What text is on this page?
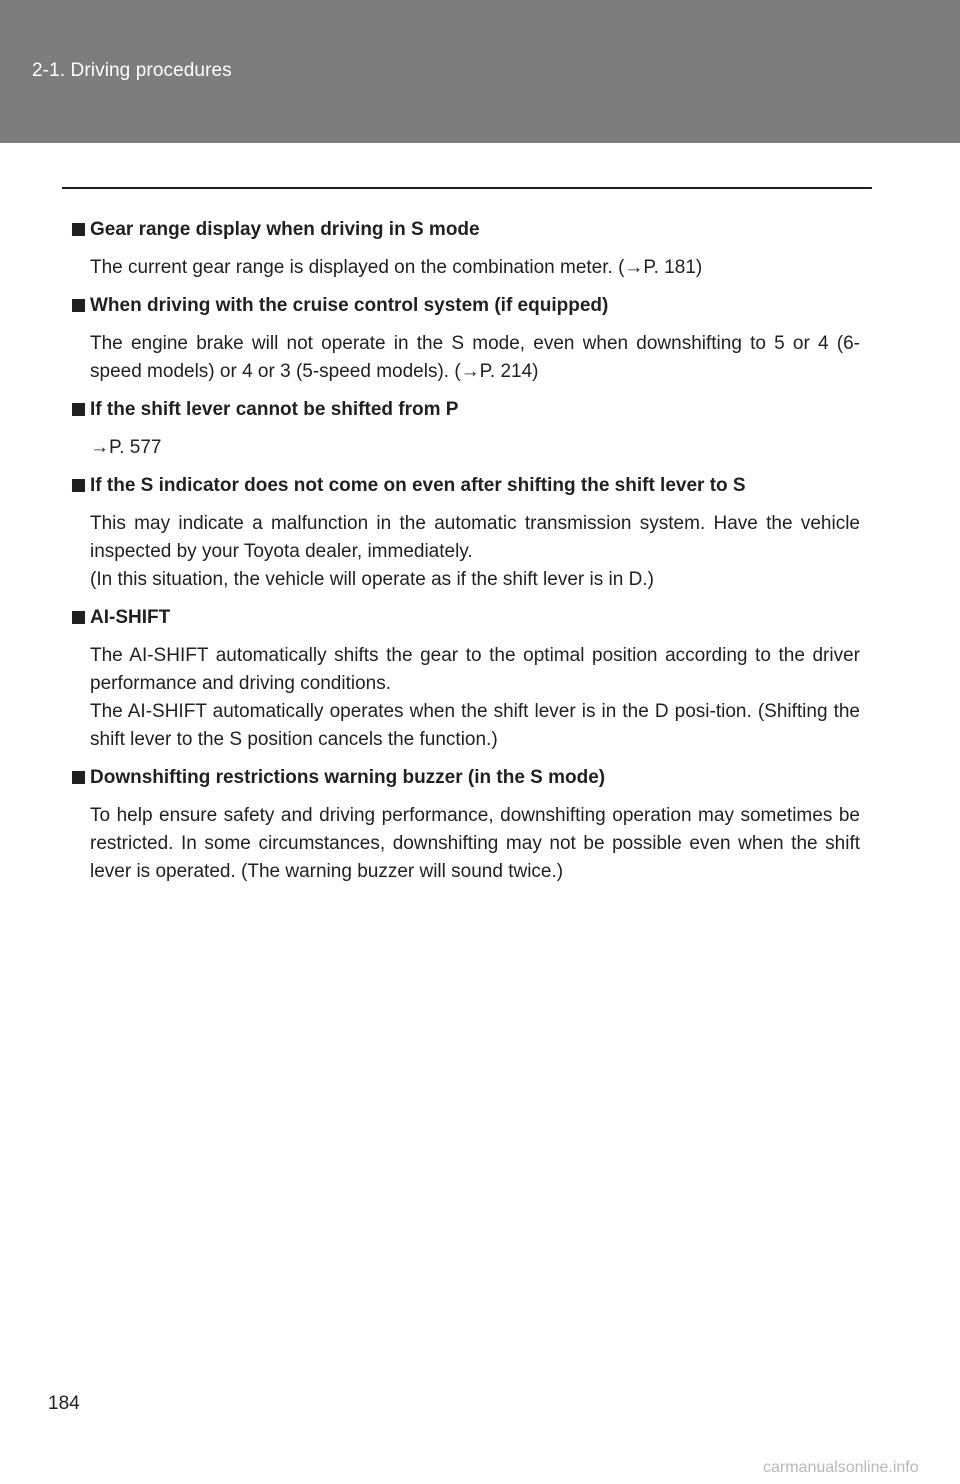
2-1. Driving procedures
Gear range display when driving in S mode

The current gear range is displayed on the combination meter. (→P. 181)

When driving with the cruise control system (if equipped)

The engine brake will not operate in the S mode, even when downshifting to 5 or 4 (6-speed models) or 4 or 3 (5-speed models). (→P. 214)

If the shift lever cannot be shifted from P

→P. 577

If the S indicator does not come on even after shifting the shift lever to S

This may indicate a malfunction in the automatic transmission system. Have the vehicle inspected by your Toyota dealer, immediately.

(In this situation, the vehicle will operate as if the shift lever is in D.)

AI-SHIFT

The AI-SHIFT automatically shifts the gear to the optimal position according to the driver performance and driving conditions.

The AI-SHIFT automatically operates when the shift lever is in the D posi-tion. (Shifting the shift lever to the S position cancels the function.)

Downshifting restrictions warning buzzer (in the S mode)

To help ensure safety and driving performance, downshifting operation may sometimes be restricted. In some circumstances, downshifting may not be possible even when the shift lever is operated. (The warning buzzer will sound twice.)

184
carmanualsonline.info
